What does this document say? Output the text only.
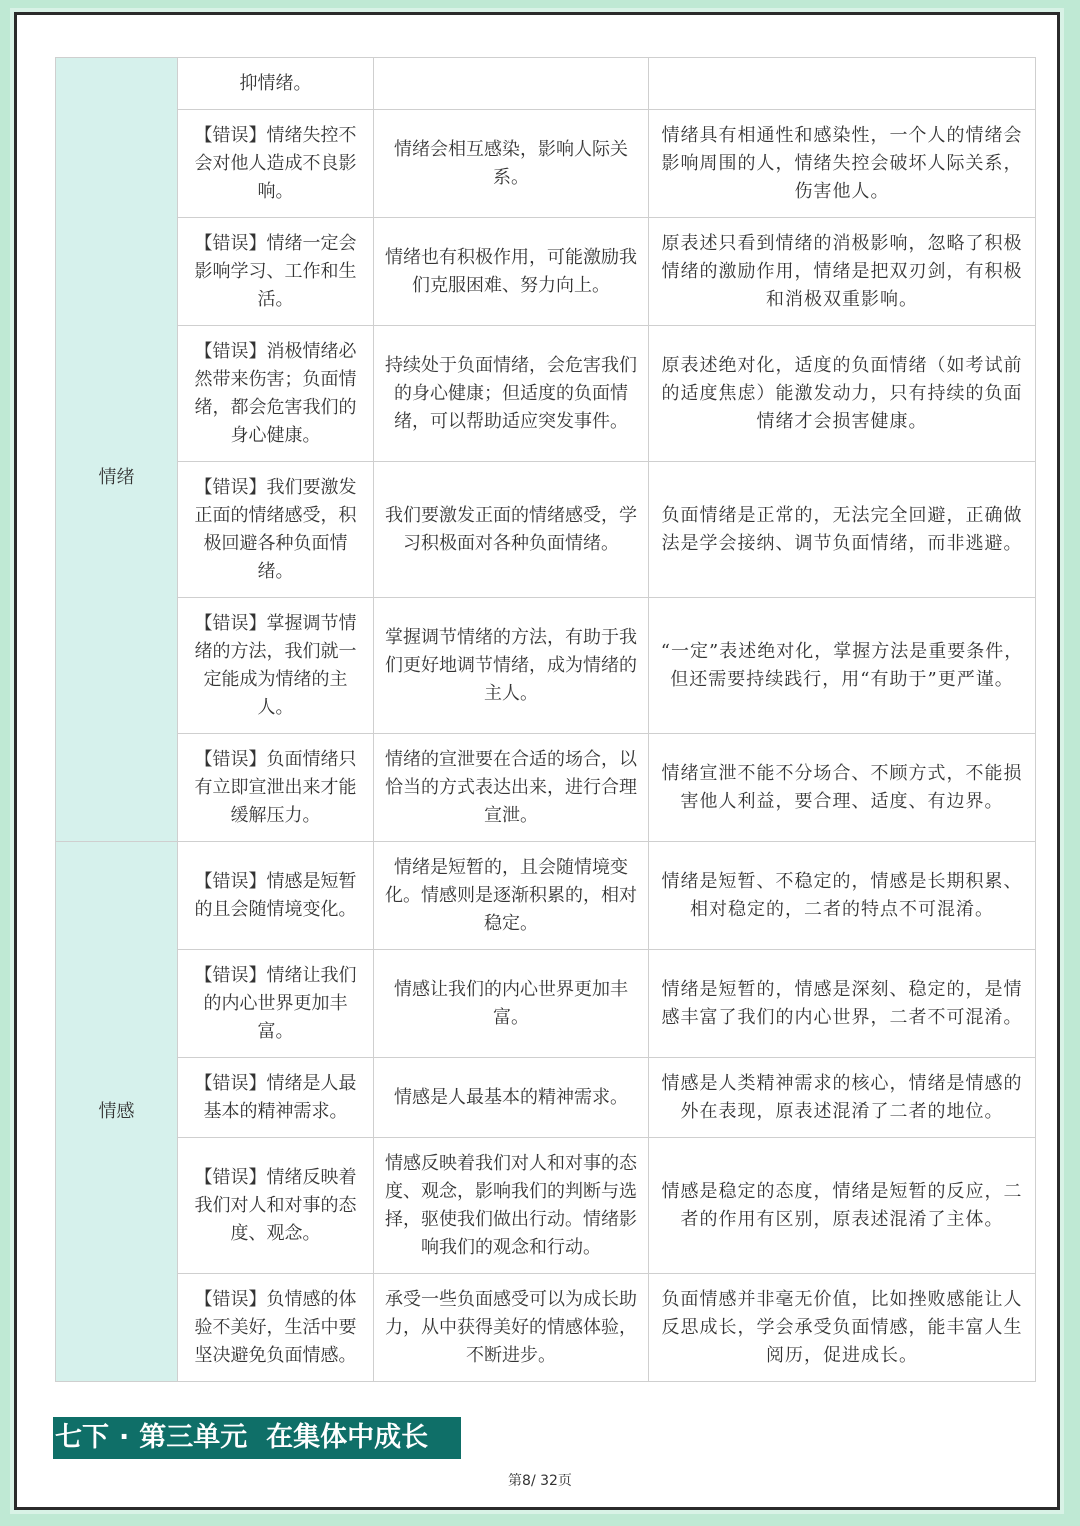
情绪	抑情绪。		
	【错误】情绪失控不会对他人造成不良影响。	情绪会相互感染，影响人际关系。	情绪具有相通性和感染性，一个人的情绪会影响周围的人，情绪失控会破坏人际关系，伤害他人。
	【错误】情绪一定会影响学习、工作和生活。	情绪也有积极作用，可能激励我们克服困难、努力向上。	原表述只看到情绪的消极影响，忽略了积极情绪的激励作用，情绪是把双刃剑，有积极和消极双重影响。
	【错误】消极情绪必然带来伤害；负面情绪，都会危害我们的身心健康。	持续处于负面情绪，会危害我们的身心健康；但适度的负面情绪，可以帮助适应突发事件。	原表述绝对化，适度的负面情绪（如考试前的适度焦虑）能激发动力，只有持续的负面情绪才会损害健康。
	【错误】我们要激发正面的情绪感受，积极回避各种负面情绪。	我们要激发正面的情绪感受，学习积极面对各种负面情绪。	负面情绪是正常的，无法完全回避，正确做法是学会接纳、调节负面情绪，而非逃避。
	【错误】掌握调节情绪的方法，我们就一定能成为情绪的主人。	掌握调节情绪的方法，有助于我们更好地调节情绪，成为情绪的主人。	“一定”表述绝对化，掌握方法是重要条件，但还需要持续践行，用“有助于”更严谨。
	【错误】负面情绪只有立即宣泄出来才能缓解压力。	情绪的宣泄要在合适的场合，以恰当的方式表达出来，进行合理宣泄。	情绪宣泄不能不分场合、不顾方式，不能损害他人利益，要合理、适度、有边界。
情感	【错误】情感是短暂的且会随情境变化。	情绪是短暂的，且会随情境变化。情感则是逐渐积累的，相对稳定。	情绪是短暂、不稳定的，情感是长期积累、相对稳定的，二者的特点不可混淆。
	【错误】情绪让我们的内心世界更加丰富。	情感让我们的内心世界更加丰富。	情绪是短暂的，情感是深刻、稳定的，是情感丰富了我们的内心世界，二者不可混淆。
	【错误】情绪是人最基本的精神需求。	情感是人最基本的精神需求。	情感是人类精神需求的核心，情绪是情感的外在表现，原表述混淆了二者的地位。
	【错误】情绪反映着我们对人和对事的态度、观念。	情感反映着我们对人和对事的态度、观念，影响我们的判断与选择，驱使我们做出行动。情绪影响我们的观念和行动。	情感是稳定的态度，情绪是短暂的反应，二者的作用有区别，原表述混淆了主体。
	【错误】负情感的体验不美好，生活中要坚决避免负面情感。	承受一些负面感受可以为成长助力，从中获得美好的情感体验，不断进步。	负面情感并非毫无价值，比如挫败感能让人反思成长，学会承受负面情感，能丰富人生阅历，促进成长。
七下 · 第三单元  在集体中成长
第8/ 32页
